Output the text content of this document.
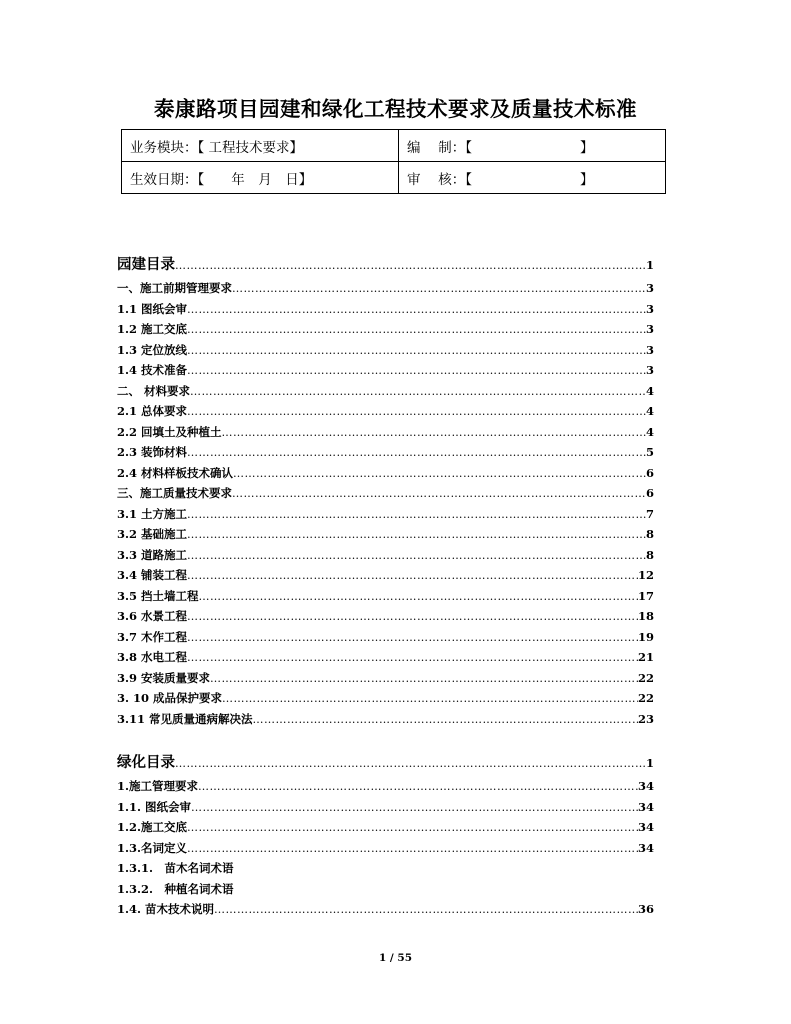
泰康路项目园建和绿化工程技术要求及质量技术标准
业务模块：【 工程技术要求】	编　 制：【　　　　　　　　】
生效日期：【　　年　月　日】	审　 核：【　　　　　　　　】
园建目录 ……………………………………………………………………………………………………………………………………………………………………………………………………	1
一、施工前期管理要求 ……………………………………………………………………………………………………………………………………………………………………………………………………	3
1.1 图纸会审 ……………………………………………………………………………………………………………………………………………………………………………………………………	3
1.2 施工交底 ……………………………………………………………………………………………………………………………………………………………………………………………………	3
1.3 定位放线 ……………………………………………………………………………………………………………………………………………………………………………………………………	3
1.4 技术准备 ……………………………………………………………………………………………………………………………………………………………………………………………………	3
二、 材料要求 ……………………………………………………………………………………………………………………………………………………………………………………………………	4
2.1 总体要求 ……………………………………………………………………………………………………………………………………………………………………………………………………	4
2.2 回填土及种植土 ……………………………………………………………………………………………………………………………………………………………………………………………………	4
2.3 装饰材料 ……………………………………………………………………………………………………………………………………………………………………………………………………	5
2.4 材料样板技术确认 ……………………………………………………………………………………………………………………………………………………………………………………………………	6
三、施工质量技术要求 ……………………………………………………………………………………………………………………………………………………………………………………………………	6
3.1 土方施工 ……………………………………………………………………………………………………………………………………………………………………………………………………	7
3.2 基础施工 ……………………………………………………………………………………………………………………………………………………………………………………………………	8
3.3 道路施工 ……………………………………………………………………………………………………………………………………………………………………………………………………	8
3.4 铺装工程 ……………………………………………………………………………………………………………………………………………………………………………………………………	12
3.5 挡土墙工程 ……………………………………………………………………………………………………………………………………………………………………………………………………	17
3.6 水景工程 ……………………………………………………………………………………………………………………………………………………………………………………………………	18
3.7 木作工程 ……………………………………………………………………………………………………………………………………………………………………………………………………	19
3.8 水电工程 ……………………………………………………………………………………………………………………………………………………………………………………………………	21
3.9 安装质量要求 ……………………………………………………………………………………………………………………………………………………………………………………………………	22
3. 10 成品保护要求 ……………………………………………………………………………………………………………………………………………………………………………………………………	22
3.11 常见质量通病解决法 ……………………………………………………………………………………………………………………………………………………………………………………………………	23
绿化目录 ……………………………………………………………………………………………………………………………………………………………………………………………………	1
1.施工管理要求 ……………………………………………………………………………………………………………………………………………………………………………………………………	34
1.1. 图纸会审 ……………………………………………………………………………………………………………………………………………………………………………………………………	34
1.2.施工交底 ……………………………………………………………………………………………………………………………………………………………………………………………………	34
1.3.名词定义 ……………………………………………………………………………………………………………………………………………………………………………………………………	34
1.3.1.　苗木名词术语
1.3.2.　种植名词术语
1.4. 苗木技术说明 ……………………………………………………………………………………………………………………………………………………………………………………………………	36
1 / 55
